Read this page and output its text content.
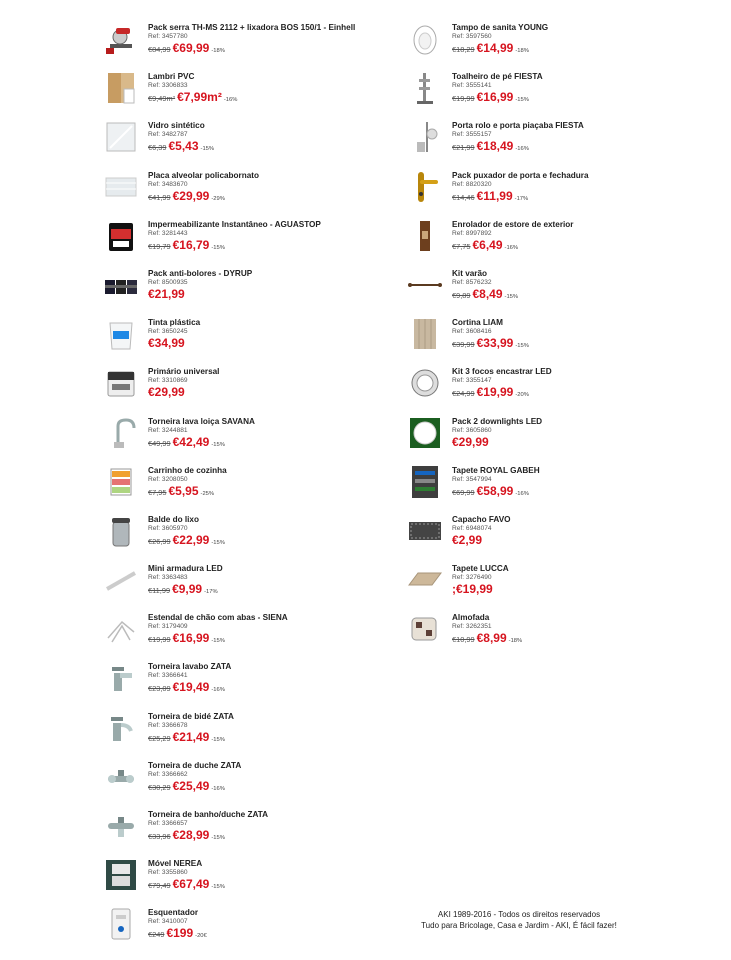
Pack serra TH-MS 2112 + lixadora BOS 150/1 - Einhell
Ref: 3457780
€84,99 €69,99 -18%
Lambri PVC
Ref: 3306833
€9,49m² €7,99m² -16%
Vidro sintético
Ref: 3482787
€6,39 €5,43 -15%
Placa alveolar policabornato
Ref: 3483670
€41,99 €29,99 -29%
Impermeabilizante Instantâneo - AGUASTOP
Ref: 3281443
€19,79 €16,79 -15%
Pack anti-bolores - DYRUP
Ref: 8500935
€21,99
Tinta plástica
Ref: 3650245
€34,99
Primário universal
Ref: 3310869
€29,99
Torneira lava loiça SAVANA
Ref: 3244881
€49,99 €42,49 -15%
Carrinho de cozinha
Ref: 3208050
€7,95 €5,95 -25%
Balde do lixo
Ref: 3605970
€26,99 €22,99 -15%
Mini armadura LED
Ref: 3363483
€11,99 €9,99 -17%
Estendal de chão com abas - SIENA
Ref: 3179409
€19,99 €16,99 -15%
Torneira lavabo ZATA
Ref: 3366641
€23,09 €19,49 -16%
Torneira de bidé ZATA
Ref: 3366678
€25,29 €21,49 -15%
Torneira de duche ZATA
Ref: 3366662
€30,29 €25,49 -16%
Torneira de banho/duche ZATA
Ref: 3366657
€33,96 €28,99 -15%
Móvel NEREA
Ref: 3355860
€79,49 €67,49 -15%
Esquentador
Ref: 3410007
€249 €199 -20€
Tampo de sanita YOUNG
Ref: 3597560
€18,29 €14,99 -18%
Toalheiro de pé FIESTA
Ref: 3555141
€19,99 €16,99 -15%
Porta rolo e porta piaçaba FIESTA
Ref: 3555157
€21,99 €18,49 -16%
Pack puxador de porta e fechadura
Ref: 8820320
€14,46 €11,99 -17%
Enrolador de estore de exterior
Ref: 8997892
€7,75 €6,49 -16%
Kit varão
Ref: 8576232
€9,89 €8,49 -15%
Cortina LIAM
Ref: 3608416
€39,99 €33,99 -15%
Kit 3 focos encastrar LED
Ref: 3355147
€24,99 €19,99 -20%
Pack 2 downlights LED
Ref: 3605860
€29,99
Tapete ROYAL GABEH
Ref: 3547994
€69,99 €58,99 -16%
Capacho FAVO
Ref: 6948074
€2,99
Tapete LUCCA
Ref: 3276490
;€19,99
Almofada
Ref: 3262351
€10,99 €8,99 -18%
AKI 1989-2016 - Todos os direitos reservados
Tudo para Bricolage, Casa e Jardim - AKI, É fácil fazer!
